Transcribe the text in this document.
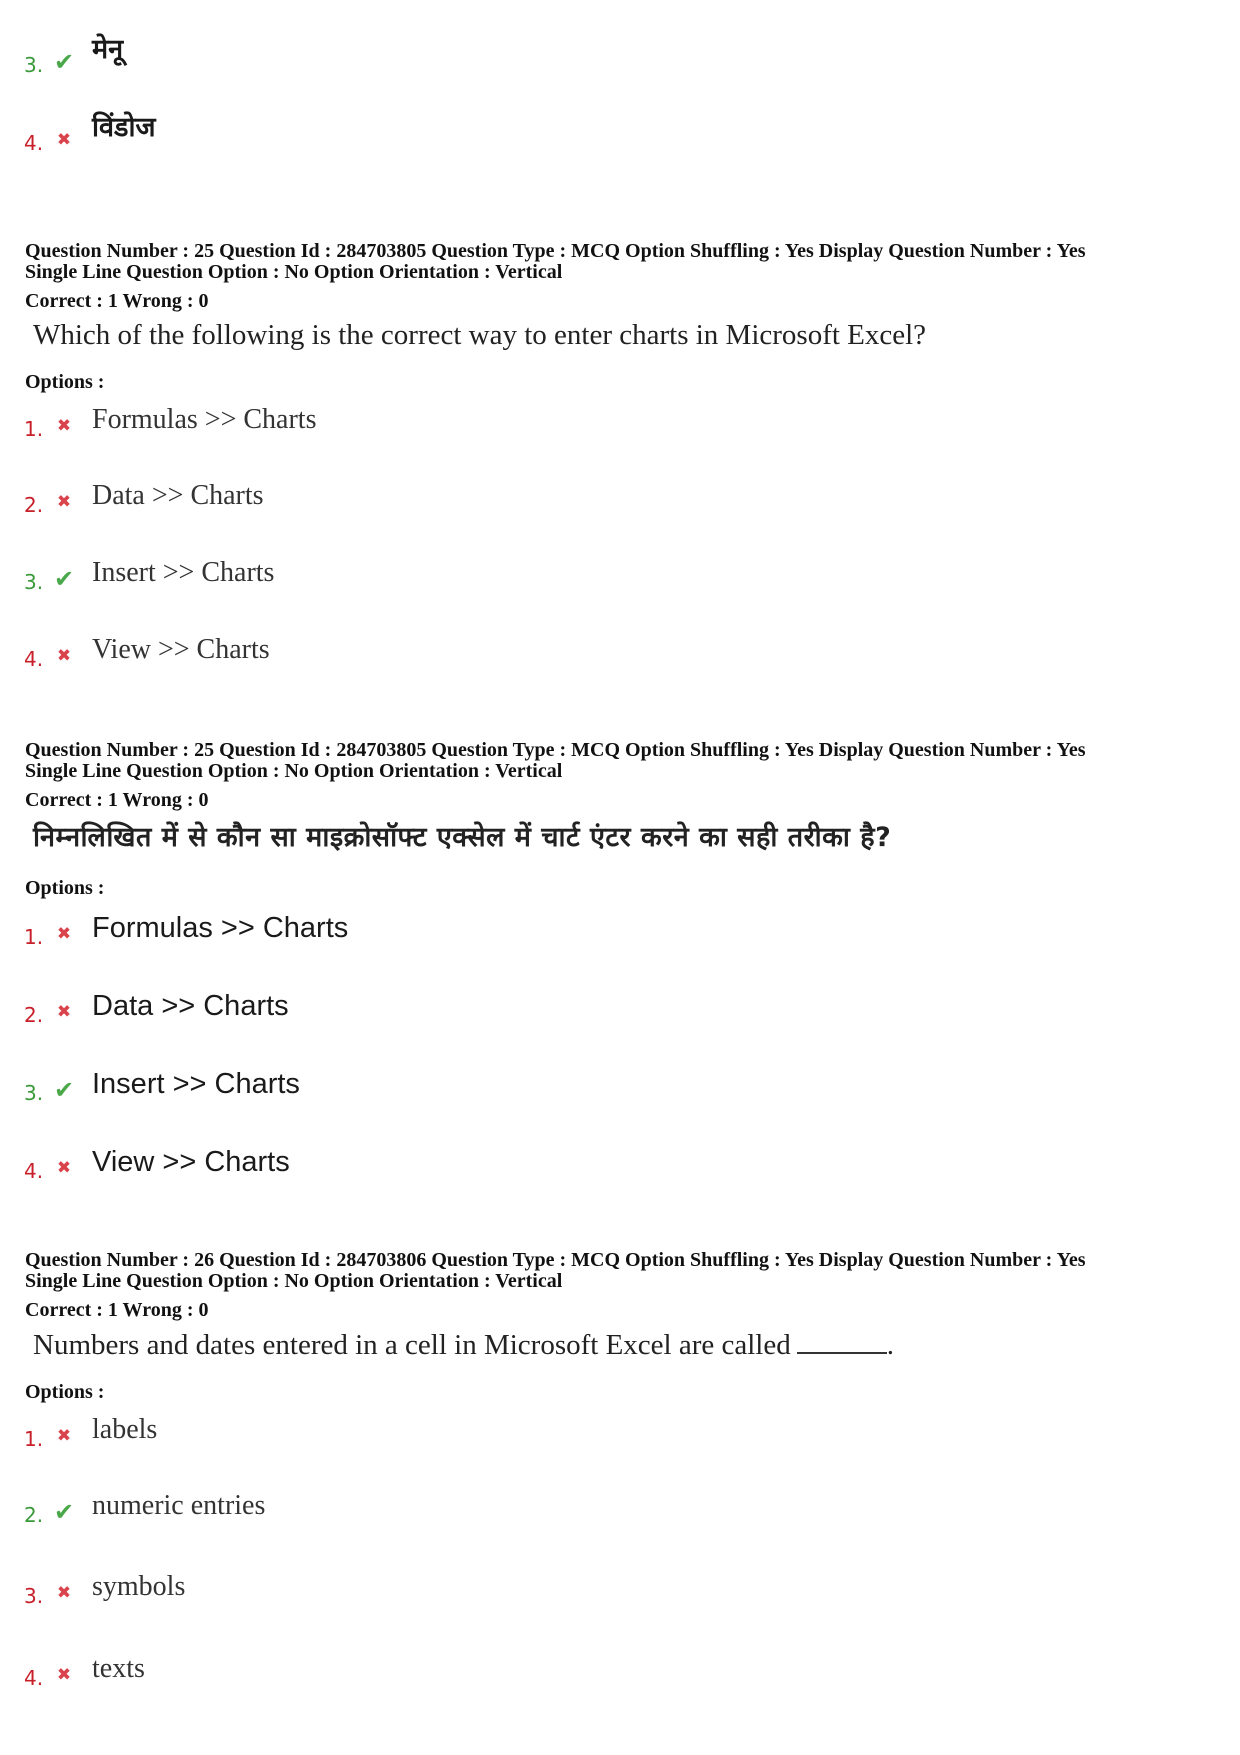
3. ✔ मेनू
4. ✖ विंडोज
Question Number : 25 Question Id : 284703805 Question Type : MCQ Option Shuffling : Yes Display Question Number : Yes
Single Line Question Option : No Option Orientation : Vertical
Correct : 1 Wrong : 0
Which of the following is the correct way to enter charts in Microsoft Excel?
Options :
1. ✖ Formulas >> Charts
2. ✖ Data >> Charts
3. ✔ Insert >> Charts
4. ✖ View >> Charts
Question Number : 25 Question Id : 284703805 Question Type : MCQ Option Shuffling : Yes Display Question Number : Yes
Single Line Question Option : No Option Orientation : Vertical
Correct : 1 Wrong : 0
निम्नलिखित में से कौन सा माइक्रोसॉफ्ट एक्सेल में चार्ट एंटर करने का सही तरीका है?
Options :
1. ✖ Formulas >> Charts
2. ✖ Data >> Charts
3. ✔ Insert >> Charts
4. ✖ View >> Charts
Question Number : 26 Question Id : 284703806 Question Type : MCQ Option Shuffling : Yes Display Question Number : Yes
Single Line Question Option : No Option Orientation : Vertical
Correct : 1 Wrong : 0
Numbers and dates entered in a cell in Microsoft Excel are called	.
Options :
1. ✖ labels
2. ✔ numeric entries
3. ✖ symbols
4. ✖ texts
